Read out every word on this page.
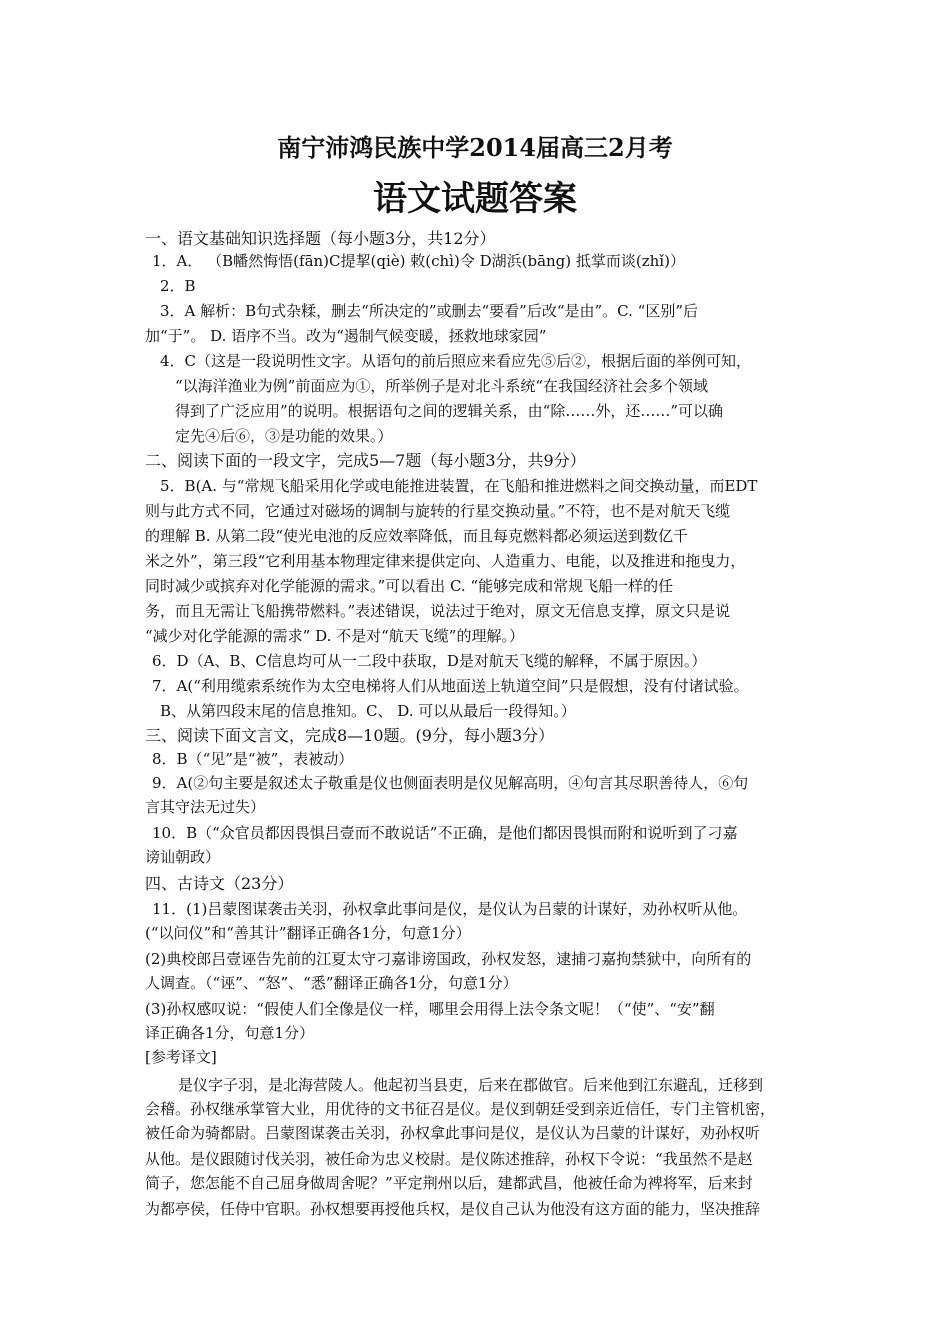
南宁沛鸿民族中学2014届高三2月考
语文试题答案
一、语文基础知识选择题（每小题3分，共12分）
1．A． （B幡然悔悟(fān)C提挈(qiè) 敕(chì)令 D湖浜(bāng) 抵掌而谈(zhǐ)）
2．B
3．A 解析：B句式杂糅，删去“所决定的”或删去“要看”后改“是由”。C. “区别”后
加“于”。 D. 语序不当。改为“遏制气候变暖，拯救地球家园”
4．C（这是一段说明性文字。从语句的前后照应来看应先⑤后②，根据后面的举例可知，
“以海洋渔业为例”前面应为①，所举例子是对北斗系统“在我国经济社会多个领域
得到了广泛应用”的说明。根据语句之间的逻辑关系，由“除……外，还……”可以确
定先④后⑥，③是功能的效果。）
二、阅读下面的一段文字，完成5—7题（每小题3分，共9分）
5．B(A. 与“常规飞船采用化学或电能推进装置，在飞船和推进燃料之间交换动量，而EDT
则与此方式不同，它通过对磁场的调制与旋转的行星交换动量。”不符，也不是对航天飞缆
的理解 B. 从第二段“使光电池的反应效率降低，而且每克燃料都必须运送到数亿千
米之外”，第三段“它利用基本物理定律来提供定向、人造重力、电能，以及推进和拖曳力，
同时减少或摈弃对化学能源的需求。”可以看出 C. “能够完成和常规飞船一样的任
务，而且无需让飞船携带燃料。”表述错误，说法过于绝对，原文无信息支撑，原文只是说
“减少对化学能源的需求” D. 不是对“航天飞缆”的理解。）
6．D（A、B、C信息均可从一二段中获取，D是对航天飞缆的解释，不属于原因。）
7．A(“利用缆索系统作为太空电梯将人们从地面送上轨道空间”只是假想，没有付诸试验。
B、从第四段末尾的信息推知。C、 D. 可以从最后一段得知。）
三、阅读下面文言文，完成8—10题。(9分，每小题3分）
8．B（“见”是“被”，表被动）
9．A(②句主要是叙述太子敬重是仪也侧面表明是仪见解高明，④句言其尽职善待人，⑥句
言其守法无过失）
10．B（“众官员都因畏惧吕壹而不敢说话”不正确，是他们都因畏惧而附和说听到了刁嘉
谤讪朝政）
四、古诗文（23分）
11．(1)吕蒙图谋袭击关羽，孙权拿此事问是仪，是仪认为吕蒙的计谋好，劝孙权听从他。
(“以问仪”和“善其计”翻译正确各1分，句意1分）
(2)典校郎吕壹诬告先前的江夏太守刁嘉诽谤国政，孙权发怒，逮捕刁嘉拘禁狱中，向所有的
人调查。（“诬”、“怒”、“悉”翻译正确各1分，句意1分）
(3)孙权感叹说：“假使人们全像是仪一样，哪里会用得上法令条文呢！（“使”、“安”翻
译正确各1分，句意1分）
[参考译文]
是仪字子羽，是北海营陵人。他起初当县吏，后来在郡做官。后来他到江东避乱，迁移到
会稽。孙权继承掌管大业，用优待的文书征召是仪。是仪到朝廷受到亲近信任，专门主管机密，
被任命为骑都尉。吕蒙图谋袭击关羽，孙权拿此事问是仪，是仪认为吕蒙的计谋好，劝孙权听
从他。是仪跟随讨伐关羽，被任命为忠义校尉。是仪陈述推辞，孙权下令说：“我虽然不是赵
简子，您怎能不自己屈身做周舍呢？”平定荆州以后，建都武昌，他被任命为裨将军，后来封
为都亭侯，任侍中官职。孙权想要再授他兵权，是仪自己认为他没有这方面的能力，坚决推辞
